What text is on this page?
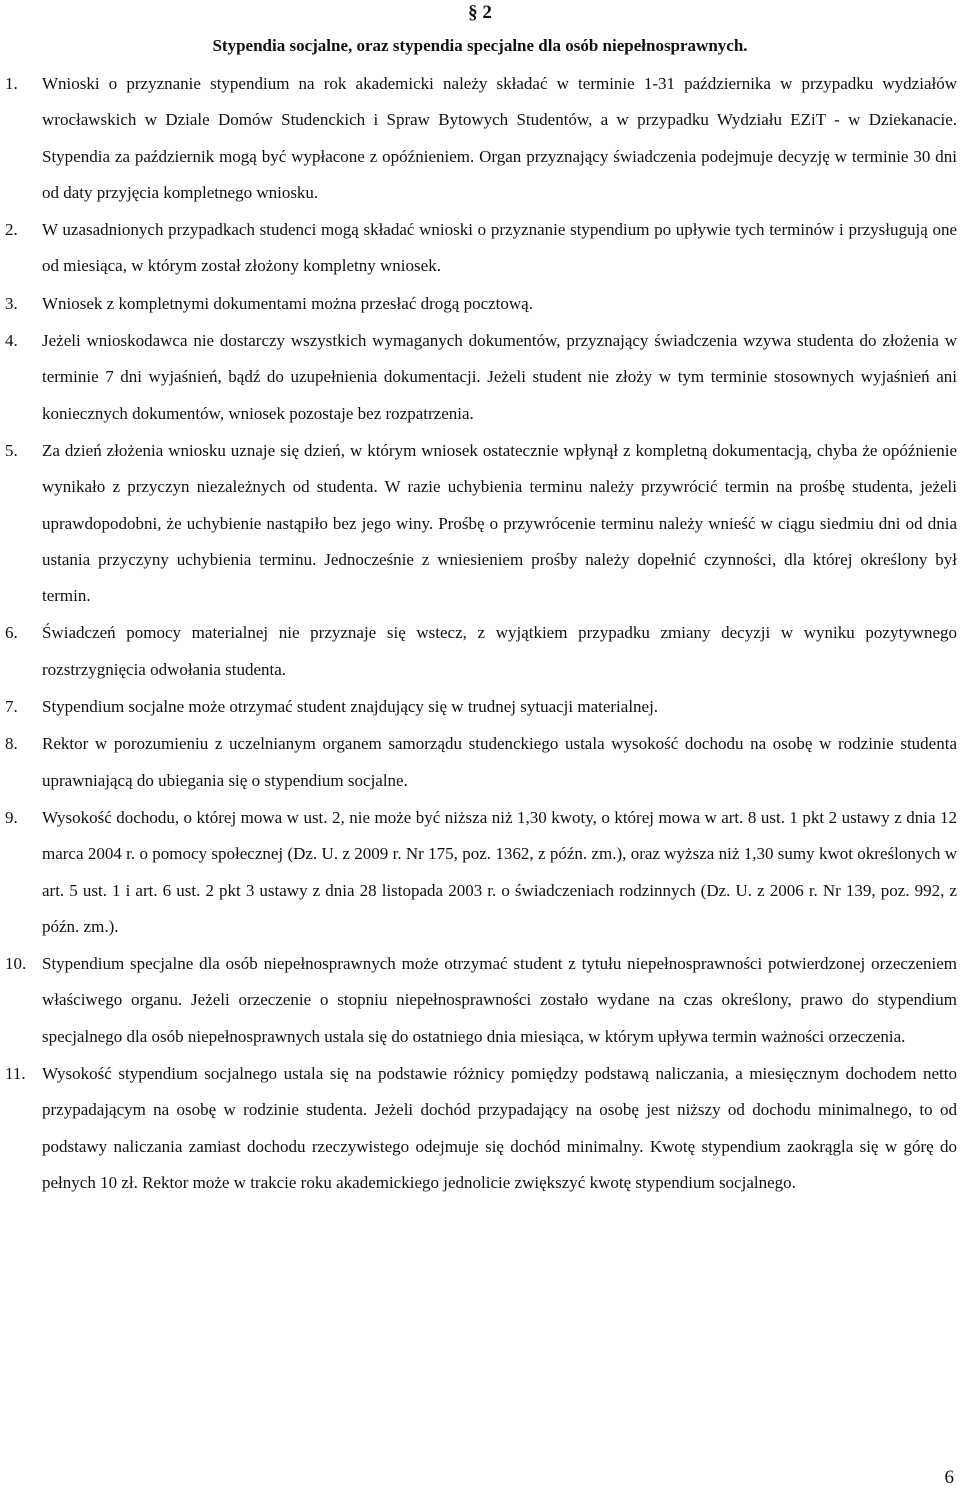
§ 2
Stypendia socjalne, oraz stypendia specjalne dla osób niepełnosprawnych.
1. Wnioski o przyznanie stypendium na rok akademicki należy składać w terminie 1-31 października w przypadku wydziałów wrocławskich w Dziale Domów Studenckich i Spraw Bytowych Studentów, a w przypadku Wydziału EZiT - w Dziekanacie. Stypendia za październik mogą być wypłacone z opóźnieniem. Organ przyznający świadczenia podejmuje decyzję w terminie 30 dni od daty przyjęcia kompletnego wniosku.
2. W uzasadnionych przypadkach studenci mogą składać wnioski o przyznanie stypendium po upływie tych terminów i przysługują one od miesiąca, w którym został złożony kompletny wniosek.
3. Wniosek z kompletnymi dokumentami można przesłać drogą pocztową.
4. Jeżeli wnioskodawca nie dostarczy wszystkich wymaganych dokumentów, przyznający świadczenia wzywa studenta do złożenia w terminie 7 dni wyjaśnień, bądź do uzupełnienia dokumentacji. Jeżeli student nie złoży w tym terminie stosownych wyjaśnień ani koniecznych dokumentów, wniosek pozostaje bez rozpatrzenia.
5. Za dzień złożenia wniosku uznaje się dzień, w którym wniosek ostatecznie wpłynął z kompletną dokumentacją, chyba że opóźnienie wynikało z przyczyn niezależnych od studenta. W razie uchybienia terminu należy przywrócić termin na prośbę studenta, jeżeli uprawdopodobni, że uchybienie nastąpiło bez jego winy. Prośbę o przywrócenie terminu należy wnieść w ciągu siedmiu dni od dnia ustania przyczyny uchybienia terminu. Jednocześnie z wniesieniem prośby należy dopełnić czynności, dla której określony był termin.
6. Świadczeń pomocy materialnej nie przyznaje się wstecz, z wyjątkiem przypadku zmiany decyzji w wyniku pozytywnego rozstrzygnięcia odwołania studenta.
7. Stypendium socjalne może otrzymać student znajdujący się w trudnej sytuacji materialnej.
8. Rektor w porozumieniu z uczelnianym organem samorządu studenckiego ustala wysokość dochodu na osobę w rodzinie studenta uprawniającą do ubiegania się o stypendium socjalne.
9. Wysokość dochodu, o której mowa w ust. 2, nie może być niższa niż 1,30 kwoty, o której mowa w art. 8 ust. 1 pkt 2 ustawy z dnia 12 marca 2004 r. o pomocy społecznej (Dz. U. z 2009 r. Nr 175, poz. 1362, z późn. zm.), oraz wyższa niż 1,30 sumy kwot określonych w art. 5 ust. 1 i art. 6 ust. 2 pkt 3 ustawy z dnia 28 listopada 2003 r. o świadczeniach rodzinnych (Dz. U. z 2006 r. Nr 139, poz. 992, z późn. zm.).
10. Stypendium specjalne dla osób niepełnosprawnych może otrzymać student z tytułu niepełnosprawności potwierdzonej orzeczeniem właściwego organu. Jeżeli orzeczenie o stopniu niepełnosprawności zostało wydane na czas określony, prawo do stypendium specjalnego dla osób niepełnosprawnych ustala się do ostatniego dnia miesiąca, w którym upływa termin ważności orzeczenia.
11. Wysokość stypendium socjalnego ustala się na podstawie różnicy pomiędzy podstawą naliczania, a miesięcznym dochodem netto przypadającym na osobę w rodzinie studenta. Jeżeli dochód przypadający na osobę jest niższy od dochodu minimalnego, to od podstawy naliczania zamiast dochodu rzeczywistego odejmuje się dochód minimalny. Kwotę stypendium zaokrągla się w górę do pełnych 10 zł. Rektor może w trakcie roku akademickiego jednolicie zwiększyć kwotę stypendium socjalnego.
6
